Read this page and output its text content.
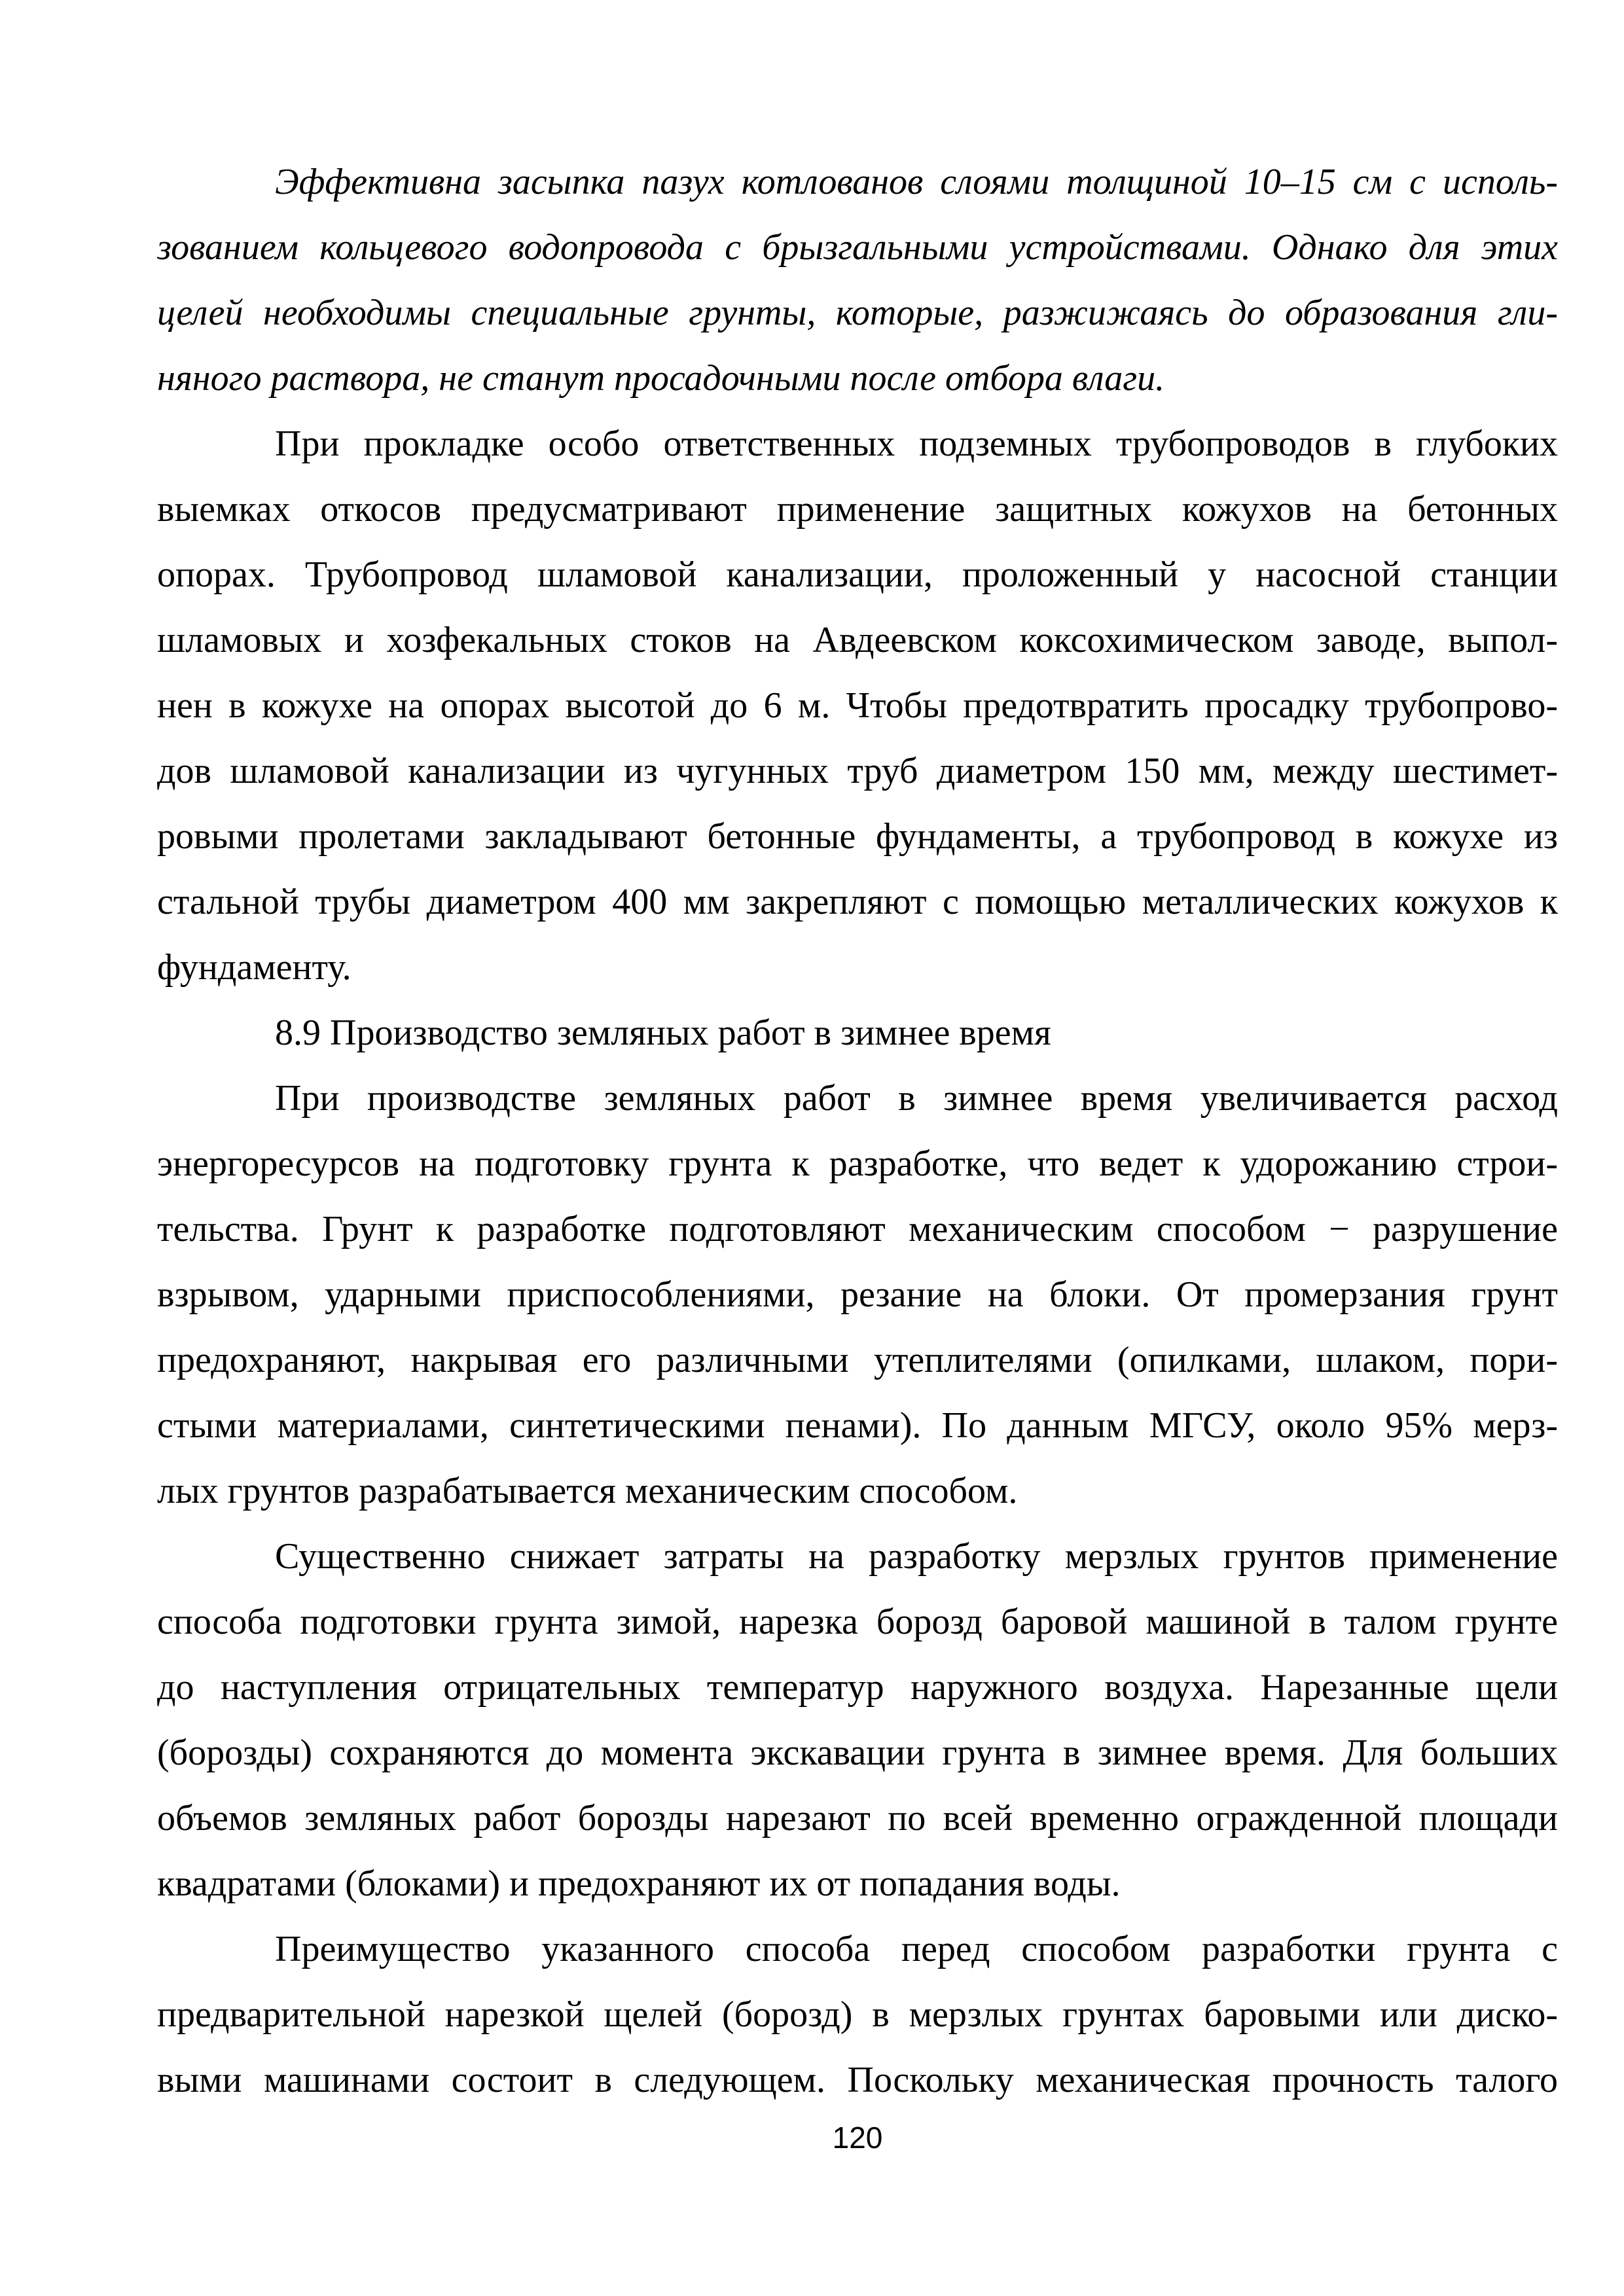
Эффективна засыпка пазух котлованов слоями толщиной 10–15 см с исполь-
зованием кольцевого водопровода с брызгальными устройствами. Однако для этих
целей необходимы специальные грунты, которые, разжижаясь до образования гли-
няного раствора, не станут просадочными после отбора влаги.
При прокладке особо ответственных подземных трубопроводов в глубоких
выемках откосов предусматривают применение защитных кожухов на бетонных
опорах. Трубопровод шламовой канализации, проложенный у насосной станции
шламовых и хозфекальных стоков на Авдеевском коксохимическом заводе, выпол-
нен в кожухе на опорах высотой до 6 м. Чтобы предотвратить просадку трубопрово-
дов шламовой канализации из чугунных труб диаметром 150 мм, между шестимет-
ровыми пролетами закладывают бетонные фундаменты, а трубопровод в кожухе из
стальной трубы диаметром 400 мм закрепляют с помощью металлических кожухов к
фундаменту.
8.9 Производство земляных работ в зимнее время
При производстве земляных работ в зимнее время увеличивается расход
энергоресурсов на подготовку грунта к разработке, что ведет к удорожанию строи-
тельства. Грунт к разработке подготовляют механическим способом − разрушение
взрывом, ударными приспособлениями, резание на блоки. От промерзания грунт
предохраняют, накрывая его различными утеплителями (опилками, шлаком, пори-
стыми материалами, синтетическими пенами). По данным МГСУ, около 95% мерз-
лых грунтов разрабатывается механическим способом.
Существенно снижает затраты на разработку мерзлых грунтов применение
способа подготовки грунта зимой, нарезка борозд баровой машиной в талом грунте
до наступления отрицательных температур наружного воздуха. Нарезанные щели
(борозды) сохраняются до момента экскавации грунта в зимнее время. Для больших
объемов земляных работ борозды нарезают по всей временно огражденной площади
квадратами (блоками) и предохраняют их от попадания воды.
Преимущество указанного способа перед способом разработки грунта с
предварительной нарезкой щелей (борозд) в мерзлых грунтах баровыми или диско-
выми машинами состоит в следующем. Поскольку механическая прочность талого
120
